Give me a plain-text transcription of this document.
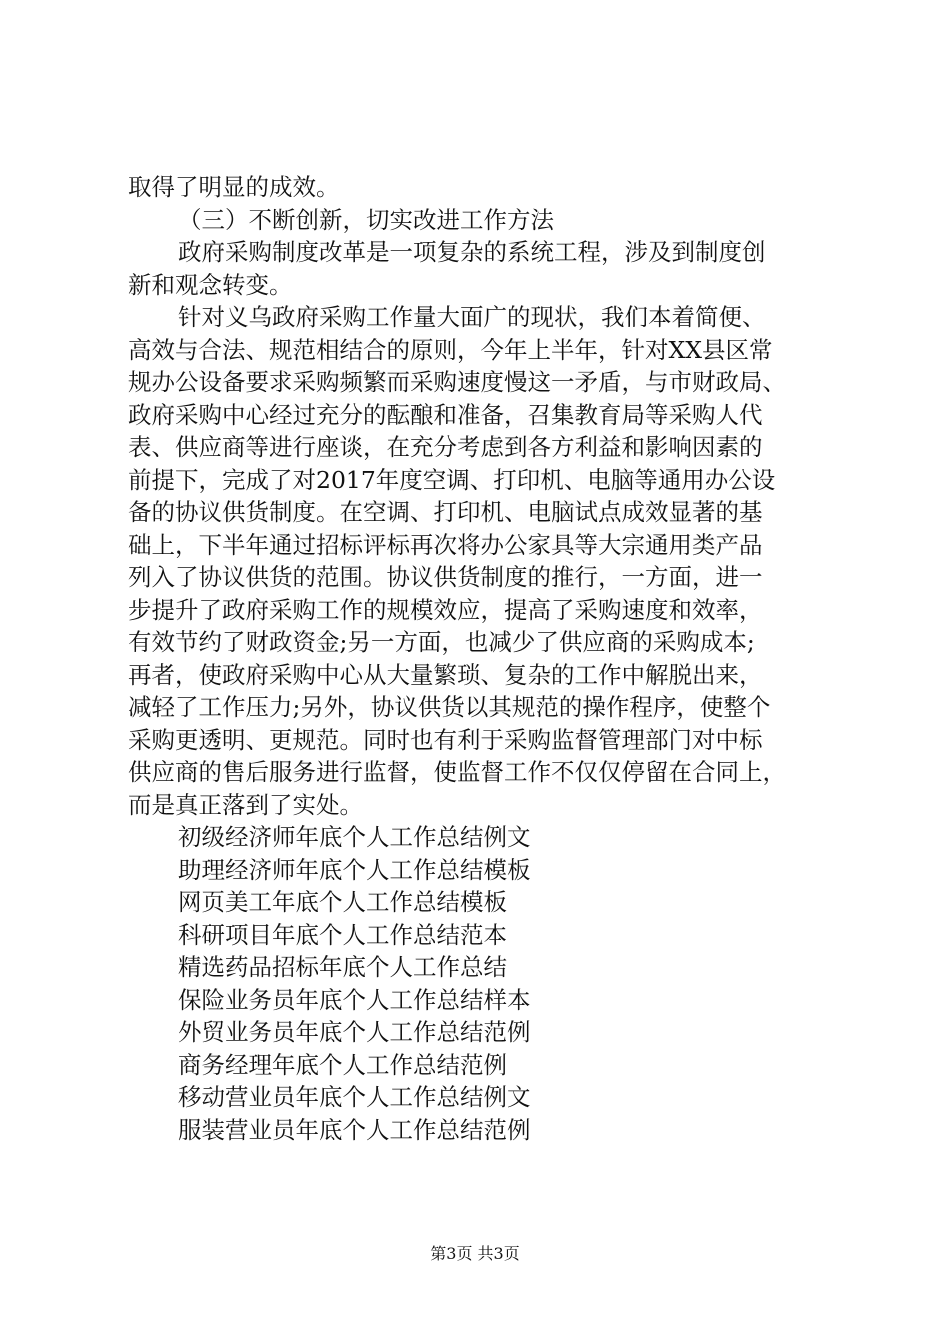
取得了明显的成效。
（三）不断创新，切实改进工作方法
政府采购制度改革是一项复杂的系统工程，涉及到制度创
新和观念转变。
针对义乌政府采购工作量大面广的现状，我们本着简便、
高效与合法、规范相结合的原则，今年上半年，针对XX县区常
规办公设备要求采购频繁而采购速度慢这一矛盾，与市财政局、
政府采购中心经过充分的酝酿和准备，召集教育局等采购人代
表、供应商等进行座谈，在充分考虑到各方利益和影响因素的
前提下，完成了对2017年度空调、打印机、电脑等通用办公设
备的协议供货制度。在空调、打印机、电脑试点成效显著的基
础上，下半年通过招标评标再次将办公家具等大宗通用类产品
列入了协议供货的范围。协议供货制度的推行，一方面，进一
步提升了政府采购工作的规模效应，提高了采购速度和效率，
有效节约了财政资金;另一方面，也减少了供应商的采购成本;
再者，使政府采购中心从大量繁琐、复杂的工作中解脱出来，
减轻了工作压力;另外，协议供货以其规范的操作程序，使整个
采购更透明、更规范。同时也有利于采购监督管理部门对中标
供应商的售后服务进行监督，使监督工作不仅仅停留在合同上，
而是真正落到了实处。
初级经济师年底个人工作总结例文
助理经济师年底个人工作总结模板
网页美工年底个人工作总结模板
科研项目年底个人工作总结范本
精选药品招标年底个人工作总结
保险业务员年底个人工作总结样本
外贸业务员年底个人工作总结范例
商务经理年底个人工作总结范例
移动营业员年底个人工作总结例文
服装营业员年底个人工作总结范例
第3页 共3页
